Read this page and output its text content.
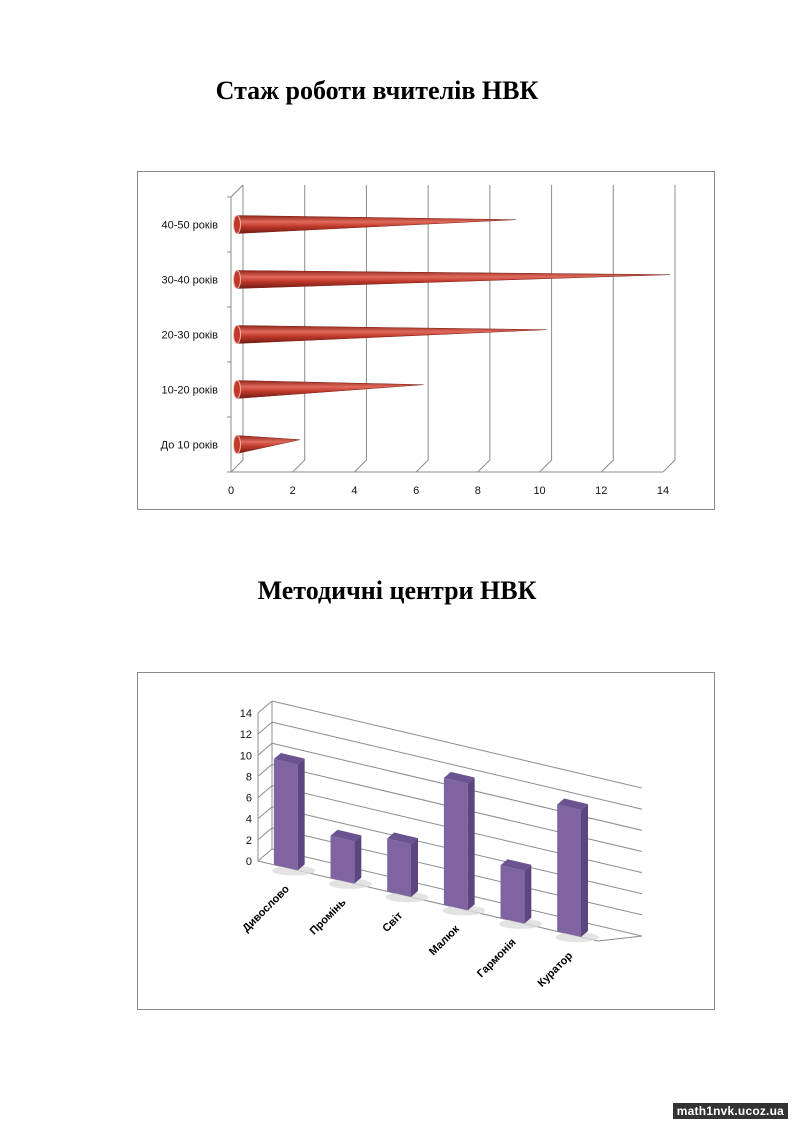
Стаж роботи вчителів НВК
0	2	4	6	8	10	12	14
До 10 років
10-20 років
20-30 років
30-40 років
40-50 років
Методичні центри НВК
0
2
4
6
8
10
12
14
Дивослово Промінь	Світ
Малюк Гармонія Куратор
math1nvk.ucoz.ua
